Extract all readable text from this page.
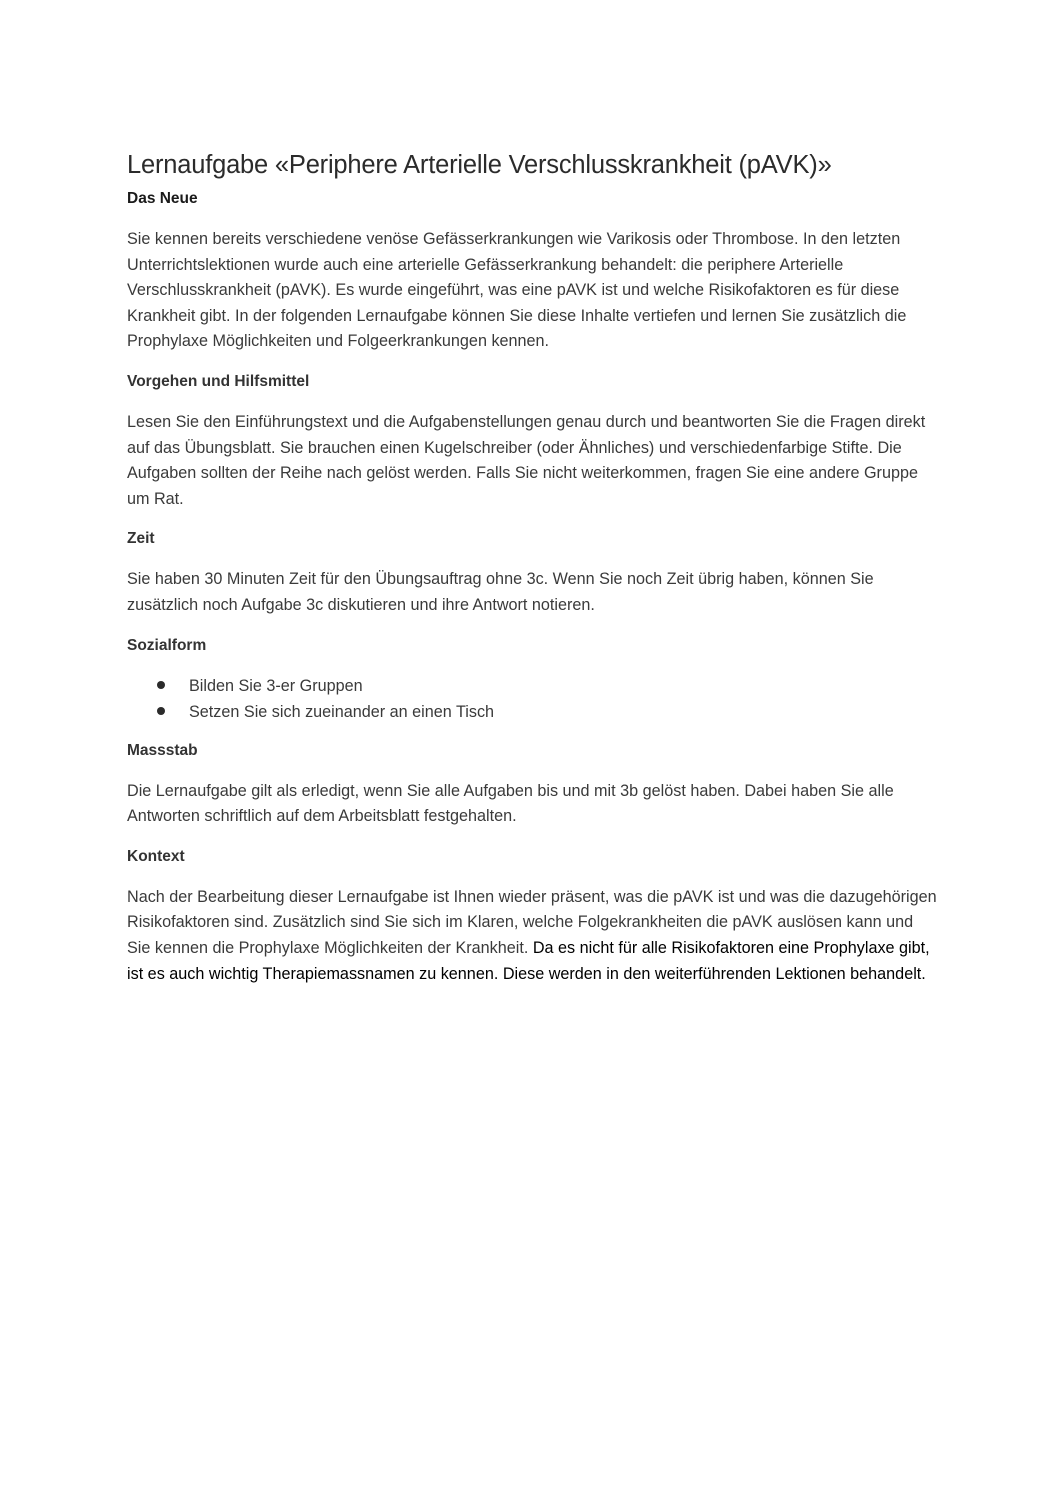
Lernaufgabe «Periphere Arterielle Verschlusskrankheit (pAVK)»
Das Neue

Sie kennen bereits verschiedene venöse Gefässerkrankungen wie Varikosis oder Thrombose. In den letzten Unterrichtslektionen wurde auch eine arterielle Gefässerkrankung behandelt: die periphere Arterielle Verschlusskrankheit (pAVK). Es wurde eingeführt, was eine pAVK ist und welche Risikofaktoren es für diese Krankheit gibt. In der folgenden Lernaufgabe können Sie diese Inhalte vertiefen und lernen Sie zusätzlich die Prophylaxe Möglichkeiten und Folgeerkrankungen kennen.

Vorgehen und Hilfsmittel

Lesen Sie den Einführungstext und die Aufgabenstellungen genau durch und beantworten Sie die Fragen direkt auf das Übungsblatt. Sie brauchen einen Kugelschreiber (oder Ähnliches) und verschiedenfarbige Stifte. Die Aufgaben sollten der Reihe nach gelöst werden. Falls Sie nicht weiterkommen, fragen Sie eine andere Gruppe um Rat.

Zeit

Sie haben 30 Minuten Zeit für den Übungsauftrag ohne 3c. Wenn Sie noch Zeit übrig haben, können Sie zusätzlich noch Aufgabe 3c diskutieren und ihre Antwort notieren.

Sozialform
Bilden Sie 3-er Gruppen
Setzen Sie sich zueinander an einen Tisch
Massstab

Die Lernaufgabe gilt als erledigt, wenn Sie alle Aufgaben bis und mit 3b gelöst haben. Dabei haben Sie alle Antworten schriftlich auf dem Arbeitsblatt festgehalten.

Kontext

Nach der Bearbeitung dieser Lernaufgabe ist Ihnen wieder präsent, was die pAVK ist und was die dazugehörigen Risikofaktoren sind. Zusätzlich sind Sie sich im Klaren, welche Folgekrankheiten die pAVK auslösen kann und Sie kennen die Prophylaxe Möglichkeiten der Krankheit. Da es nicht für alle Risikofaktoren eine Prophylaxe gibt, ist es auch wichtig Therapiemassnamen zu kennen. Diese werden in den weiterführenden Lektionen behandelt.
